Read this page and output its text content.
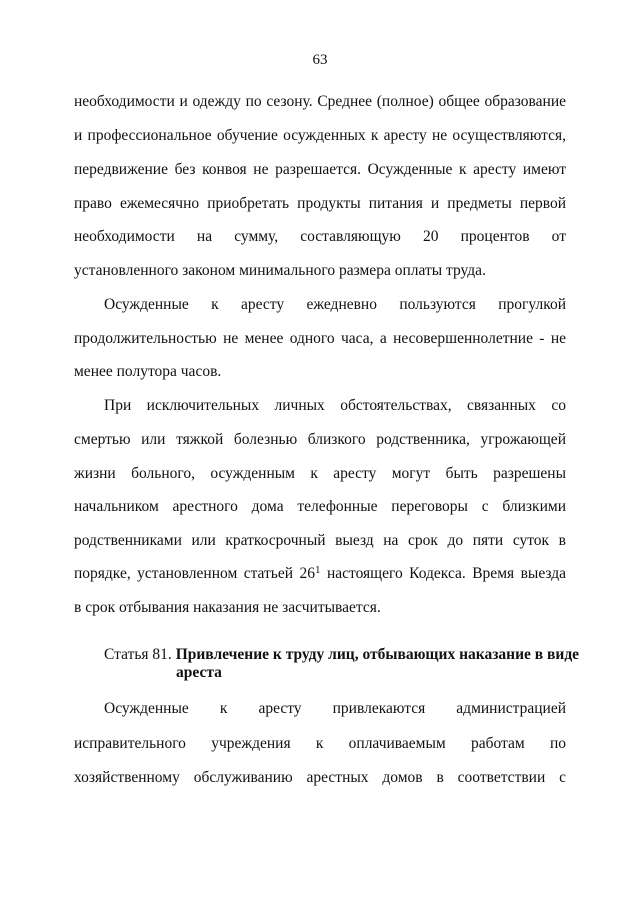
63
необходимости и одежду по сезону. Среднее (полное) общее образование
и профессиональное обучение осужденных к аресту не осуществляются,
передвижение без конвоя не разрешается. Осужденные к аресту имеют
право ежемесячно приобретать продукты питания и предметы первой
необходимости на сумму, составляющую 20 процентов от
установленного законом минимального размера оплаты труда.
Осужденные к аресту ежедневно пользуются прогулкой
продолжительностью не менее одного часа, а несовершеннолетние - не
менее полутора часов.
При исключительных личных обстоятельствах, связанных со
смертью или тяжкой болезнью близкого родственника, угрожающей
жизни больного, осужденным к аресту могут быть разрешены
начальником арестного дома телефонные переговоры с близкими
родственниками или краткосрочный выезд на срок до пяти суток в
порядке, установленном статьей $26^1$ настоящего Кодекса. Время выезда
в срок отбывания наказания не засчитывается.
Статья 81. Привлечение к труду лиц, отбывающих наказание в виде
ареста
Осужденные к аресту привлекаются администрацией
исправительного учреждения к оплачиваемым работам по
хозяйственному обслуживанию арестных домов в соответствии с
